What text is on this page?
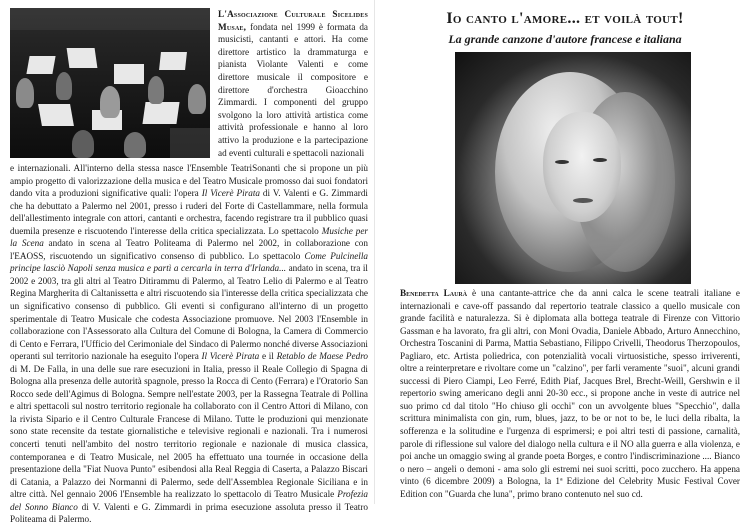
L'Associazione Culturale Sicelides Musae, fondata nel 1999 è formata da musicisti, cantanti e attori. Ha come direttore artistico la drammaturga e pianista Violante Valenti e come direttore musicale il compositore e direttore d'orchestra Gioacchino Zimmardi. I componenti del gruppo svolgono la loro attività artistica come attività professionale e hanno al loro attivo la produzione e la partecipazione ad eventi culturali e spettacoli nazionali

e internazionali. All'interno della stessa nasce l'Ensemble TeatriSonanti che si propone un più ampio progetto di valorizzazione della musica e del Teatro Musicale promosso dai suoi fondatori dando vita a produzioni significative quali: l'opera Il Vicerè Pirata di V. Valenti e G. Zimmardi che ha debuttato a Palermo nel 2001, presso i ruderi del Forte di Castellammare, nella formula dell'allestimento integrale con attori, cantanti e orchestra, facendo registrare tra il pubblico quasi duemila presenze e riscuotendo l'interesse della critica specializzata. Lo spettacolo Musiche per la Scena andato in scena al Teatro Politeama di Palermo nel 2002, in collaborazione con l'EAOSS, riscuotendo un significativo consenso di pubblico. Lo spettacolo Come Pulcinella principe lasciò Napoli senza musica e partì a cercarla in terra d'Irlanda... andato in scena, tra il 2002 e 2003, tra gli altri al Teatro Ditirammu di Palermo, al Teatro Lelio di Palermo e al Teatro Regina Margherita di Caltanissetta e altri riscuotendo sia l'interesse della critica specializzata che un significativo consenso di pubblico. Gli eventi si configurano all'interno di un progetto sperimentale di Teatro Musicale che codesta Associazione promuove. Nel 2003 l'Ensemble in collaborazione con l'Assessorato alla Cultura del Comune di Bologna, la Camera di Commercio di Cento e Ferrara, l'Ufficio del Cerimoniale del Sindaco di Palermo nonché diverse Associazioni operanti sul territorio nazionale ha eseguito l'opera Il Vicerè Pirata e il Retablo de Maese Pedro di M. De Falla, in una delle sue rare esecuzioni in Italia, presso il Reale Collegio di Spagna di Bologna alla presenza delle autorità spagnole, presso la Rocca di Cento (Ferrara) e l'Oratorio San Rocco sede dell'Agimus di Bologna. Sempre nell'estate 2003, per la Rassegna Teatrale di Pollina e altri spettacoli sul nostro territorio regionale ha collaborato con il Centro Attori di Milano, con la rivista Sipario e il Centro Culturale Francese di Milano. Tutte le produzioni qui menzionate sono state recensite da testate giornalistiche e televisive regionali e nazionali. Tra i numerosi concerti tenuti nell'ambito del nostro territorio regionale e nazionale di musica classica, contemporanea e di Teatro Musicale, nel 2005 ha effettuato una tournée in occasione della presentazione della "Fiat Nuova Punto" esibendosi alla Real Reggia di Caserta, a Palazzo Biscari di Catania, a Palazzo dei Normanni di Palermo, sede dell'Assemblea Regionale Siciliana e in altre città. Nel gennaio 2006 l'Ensemble ha realizzato lo spettacolo di Teatro Musicale Profezia del Sonno Bianco di V. Valenti e G. Zimmardi in prima esecuzione assoluta presso il Teatro Politeama di Palermo.

Io canto l'amore... et voilà tout!
La grande canzone d'autore francese e italiana

Benedetta Laurà è una cantante-attrice che da anni calca le scene teatrali italiane e internazionali e cave-off passando dal repertorio teatrale classico a quello musicale con grande facilità e naturalezza. Si è diplomata alla bottega teatrale di Firenze con Vittorio Gassman e ha lavorato, fra gli altri, con Moni Ovadia, Daniele Abbado, Arturo Annecchino, Orchestra Toscanini di Parma, Mattia Sebastiano, Filippo Crivelli, Theodorus Therzopoulos, Pagliaro, etc. Artista poliedrica, con potenzialità vocali virtuosistiche, spesso irriverenti, oltre a reinterpretare e rivoltare come un "calzino", per farli veramente "suoi", alcuni grandi successi di Piero Ciampi, Leo Ferré, Edith Piaf, Jacques Brel, Brecht-Weill, Gershwin e il repertorio swing americano degli anni 20-30 ecc., si propone anche in veste di autrice nel suo primo cd dal titolo "Ho chiuso gli occhi" con un avvolgente blues "Specchio", dalla scrittura minimalista con gin, rum, blues, jazz, to be or not to be, le luci della ribalta, la sofferenza e la solitudine e l'urgenza di esprimersi; e poi altri testi di passione, carnalità, parole di riflessione sul valore del dialogo nella cultura e il NO alla guerra e alla violenza, e poi anche un omaggio swing al grande poeta Borges, e contro l'indiscriminazione .... Bianco o nero – angeli o demoni - ama solo gli estremi nei suoi scritti, poco zucchero. Ha appena vinto (6 dicembre 2009) a Bologna, la 1ª Edizione del Celebrity Music Festival Cover Edition con "Guarda che luna", primo brano contenuto nel suo cd.
